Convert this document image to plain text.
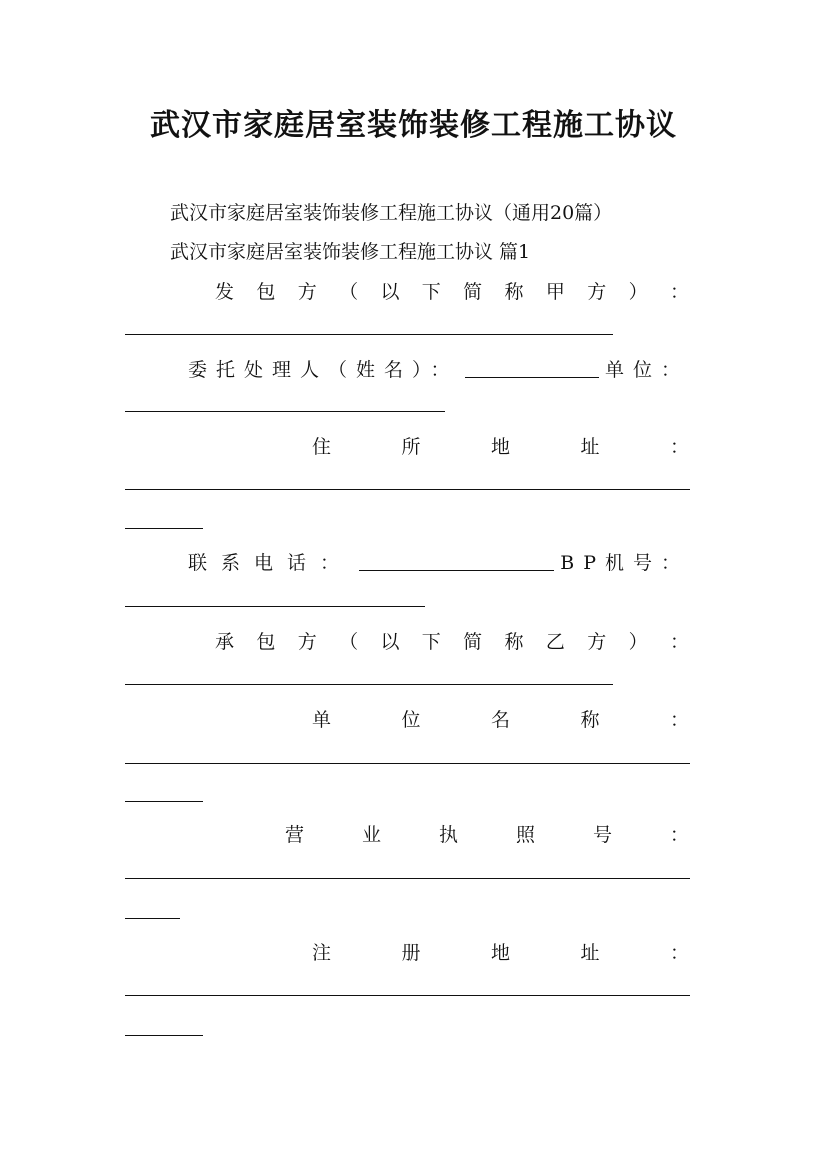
武汉市家庭居室装饰装修工程施工协议
武汉市家庭居室装饰装修工程施工协议（通用20篇）
武汉市家庭居室装饰装修工程施工协议 篇1
发 包 方 （ 以 下 简 称 甲 方 ） ：
委托处理人（姓名）：	单位：
住	所	地	址	：
联系电话：	BP机号：
承 包 方 （ 以 下 简 称 乙 方 ） ：
单	位	名	称	：
营	业	执	照	号	：
注	册	地	址	：
